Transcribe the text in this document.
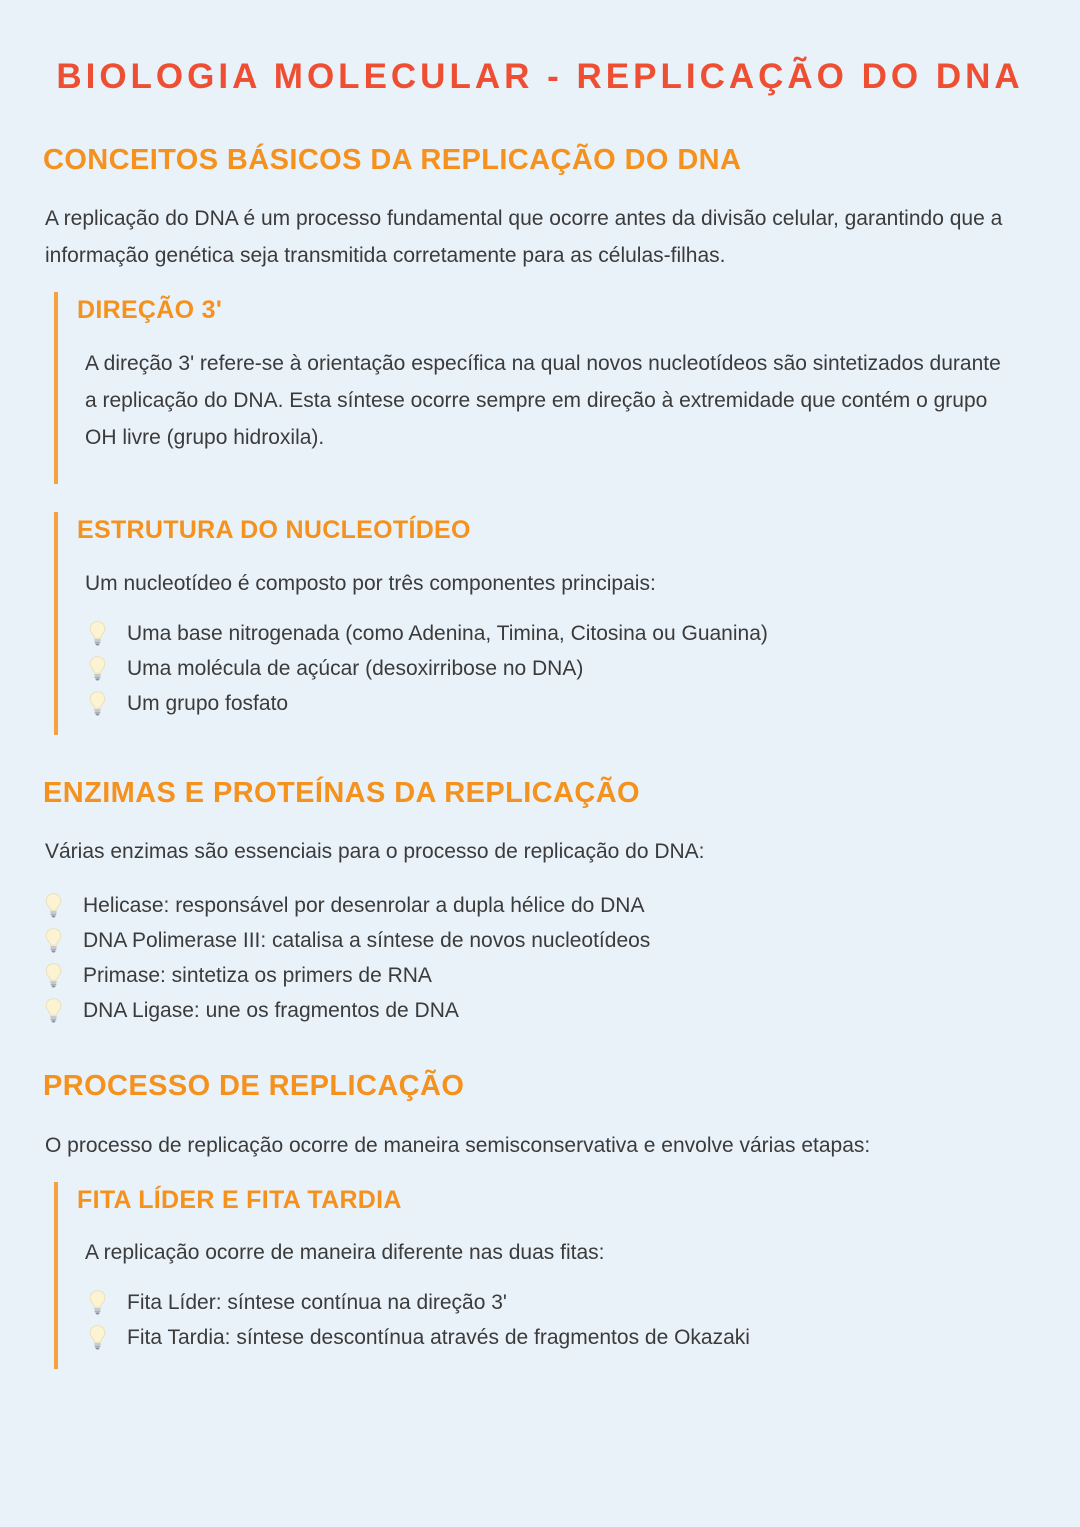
BIOLOGIA MOLECULAR - REPLICAÇÃO DO DNA
CONCEITOS BÁSICOS DA REPLICAÇÃO DO DNA

A replicação do DNA é um processo fundamental que ocorre antes da divisão celular, garantindo que a informação genética seja transmitida corretamente para as células-filhas.

DIREÇÃO 3'

A direção 3' refere-se à orientação específica na qual novos nucleotídeos são sintetizados durante a replicação do DNA. Esta síntese ocorre sempre em direção à extremidade que contém o grupo OH livre (grupo hidroxila).

ESTRUTURA DO NUCLEOTÍDEO

Um nucleotídeo é composto por três componentes principais:

Uma base nitrogenada (como Adenina, Timina, Citosina ou Guanina)
Uma molécula de açúcar (desoxirribose no DNA)
Um grupo fosfato
ENZIMAS E PROTEÍNAS DA REPLICAÇÃO

Várias enzimas são essenciais para o processo de replicação do DNA:

Helicase: responsável por desenrolar a dupla hélice do DNA
DNA Polimerase III: catalisa a síntese de novos nucleotídeos
Primase: sintetiza os primers de RNA
DNA Ligase: une os fragmentos de DNA
PROCESSO DE REPLICAÇÃO

O processo de replicação ocorre de maneira semisconservativa e envolve várias etapas:

FITA LÍDER E FITA TARDIA

A replicação ocorre de maneira diferente nas duas fitas:

Fita Líder: síntese contínua na direção 3'
Fita Tardia: síntese descontínua através de fragmentos de Okazaki
